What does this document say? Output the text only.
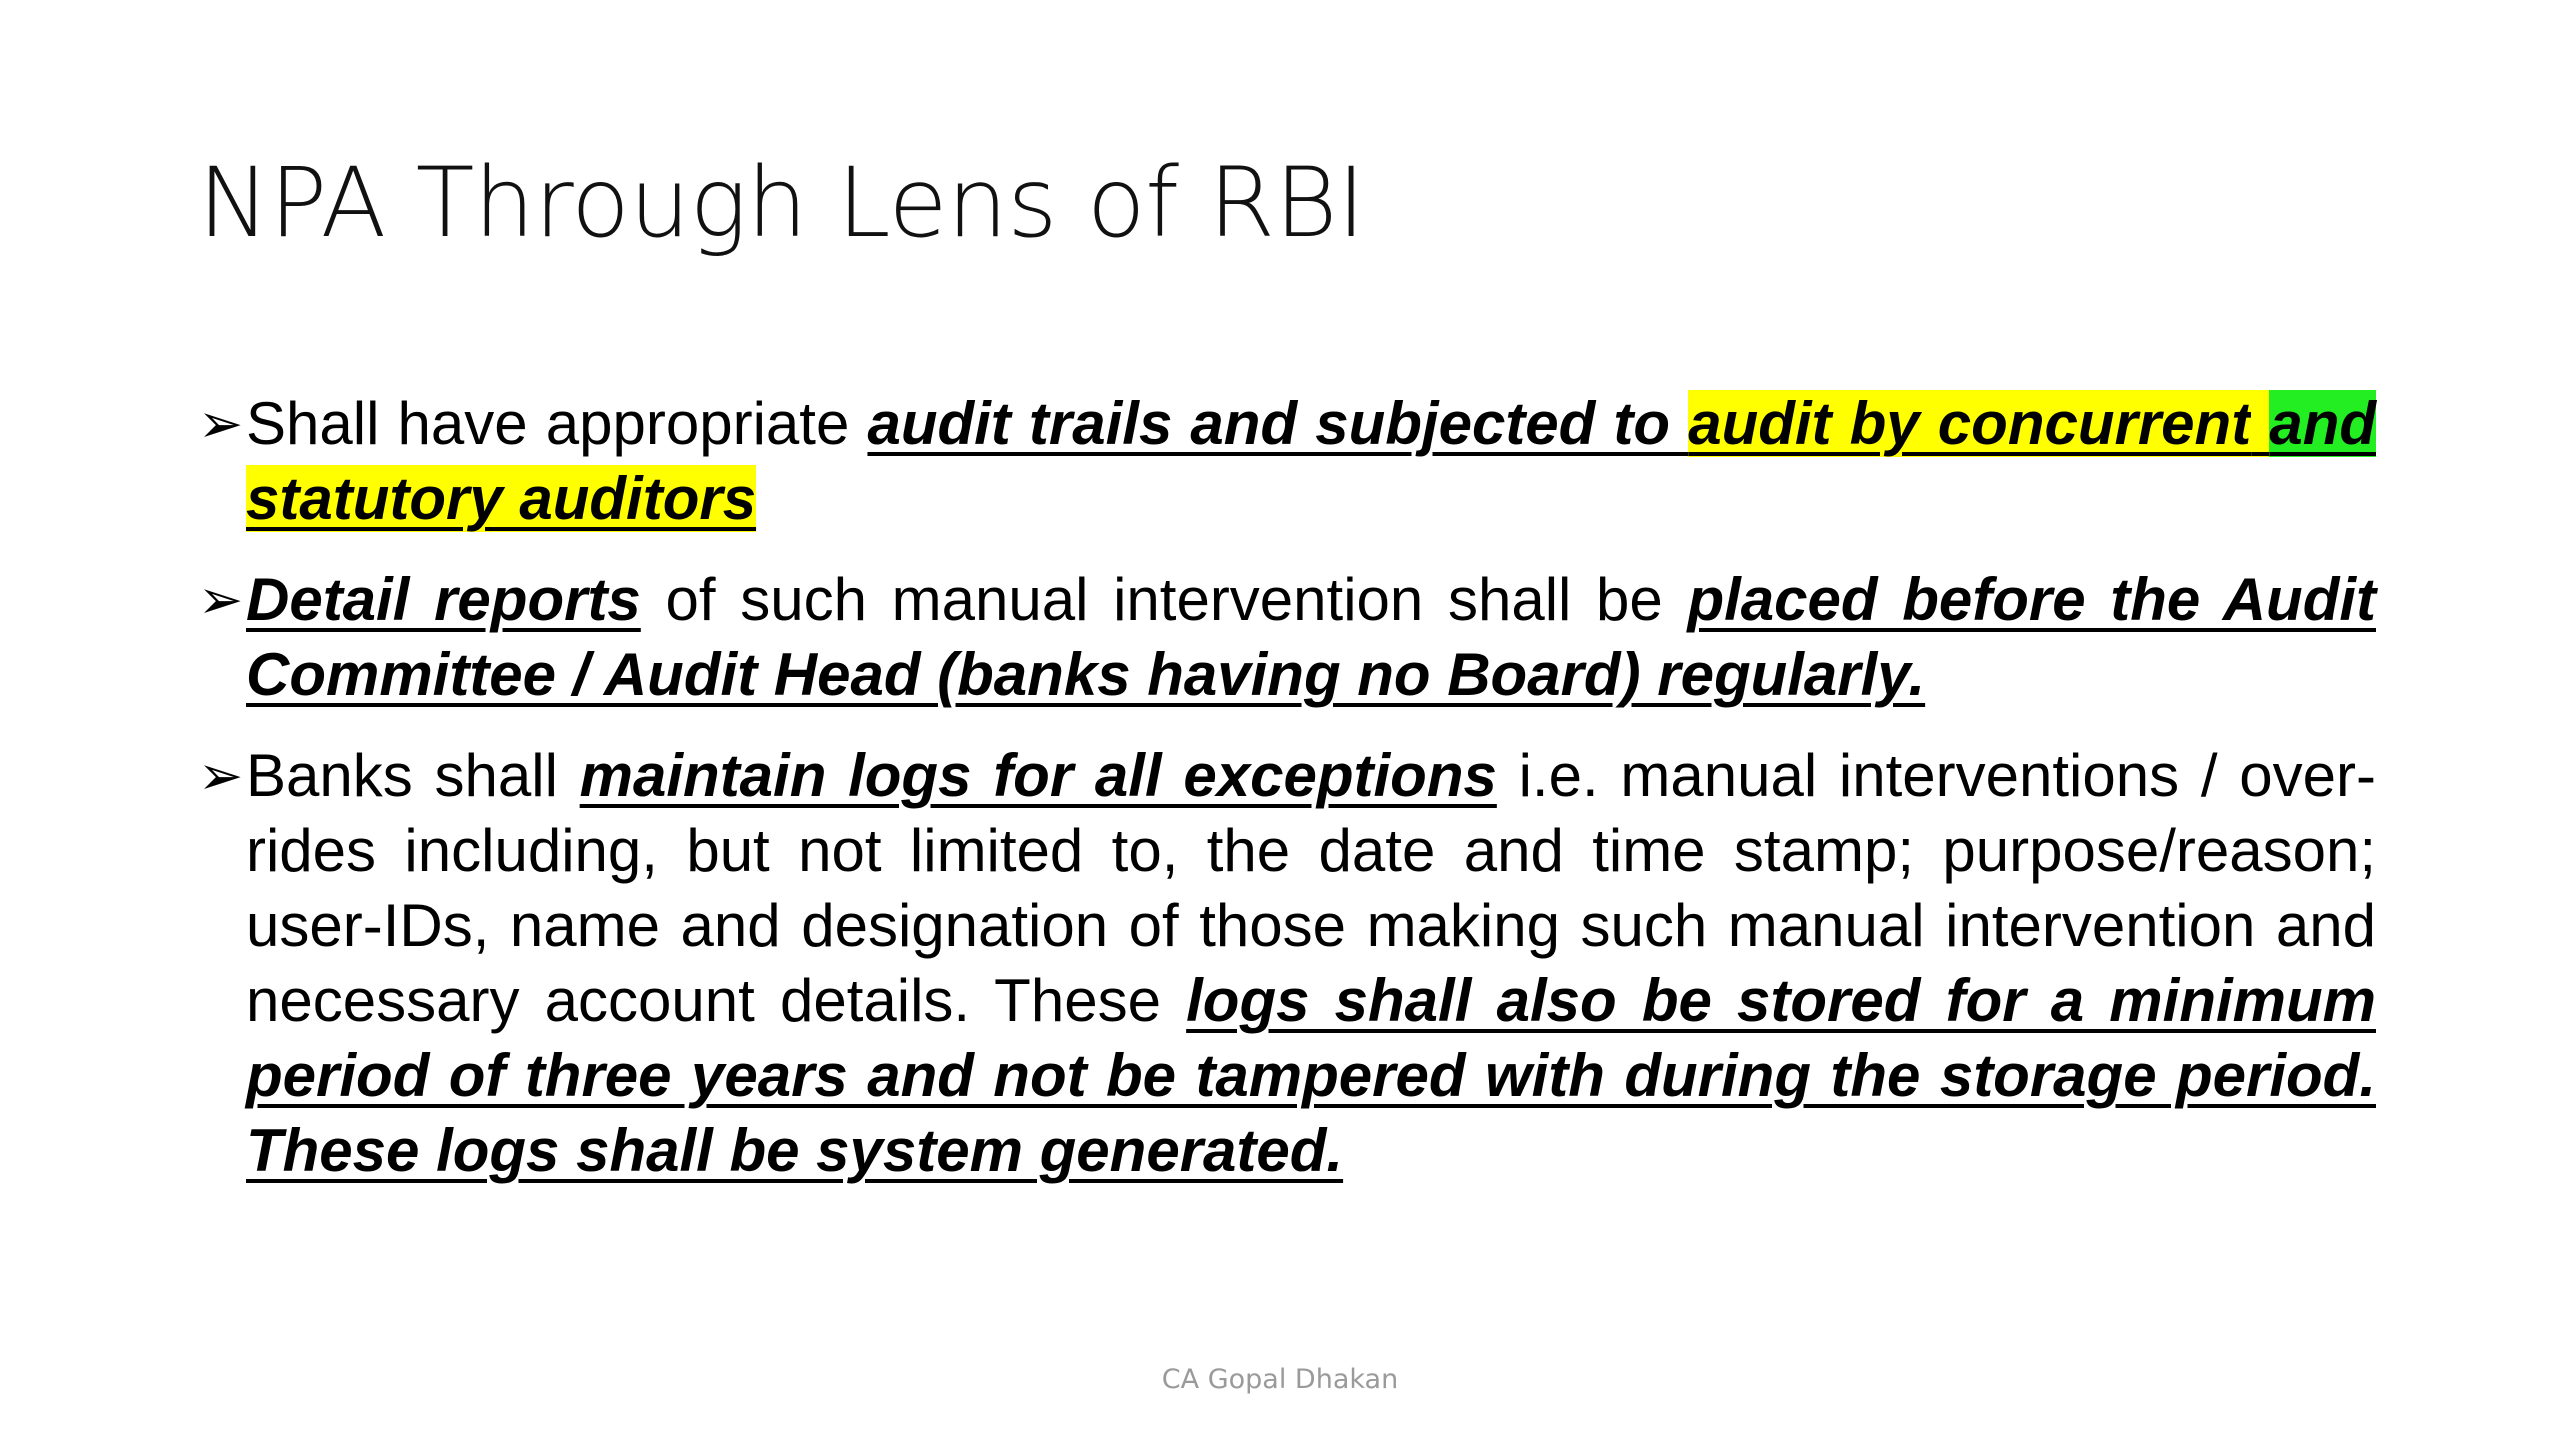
NPA Through Lens of RBI
➢ Shall have appropriate audit trails and subjected to audit by concurrent and statutory auditors
➢ Detail reports of such manual intervention shall be placed before the Audit Committee / Audit Head (banks having no Board) regularly.
➢ Banks shall maintain logs for all exceptions i.e. manual interventions / over-rides including, but not limited to, the date and time stamp; purpose/reason; user-IDs, name and designation of those making such manual intervention and necessary account details. These logs shall also be stored for a minimum period of three years and not be tampered with during the storage period. These logs shall be system generated.
CA Gopal Dhakan
